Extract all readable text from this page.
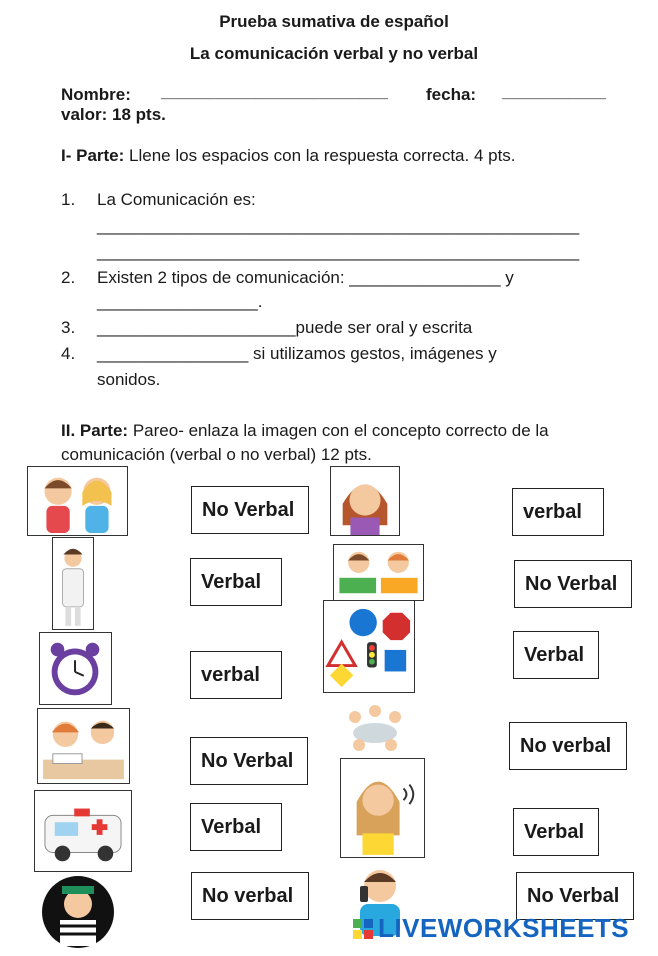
Prueba sumativa de español
La comunicación verbal y no verbal
Nombre: ________________________ fecha: ___________
valor: 18 pts.
I- Parte: Llene los espacios con la respuesta correcta. 4 pts.
1.	La Comunicación es:
___________________________________________________
___________________________________________________
2.	Existen 2 tipos de comunicación: ________________ y
_________________.
3.	_____________________puede ser oral y escrita
4.	________________ si utilizamos gestos, imágenes y
sonidos.
II. Parte: Pareo- enlaza la imagen con el concepto correcto de la
comunicación (verbal o no verbal) 12 pts.
No Verbal
Verbal
verbal
No Verbal
Verbal
No verbal
verbal
No Verbal
Verbal
No verbal
Verbal
No Verbal
LIVEWORKSHEETS
